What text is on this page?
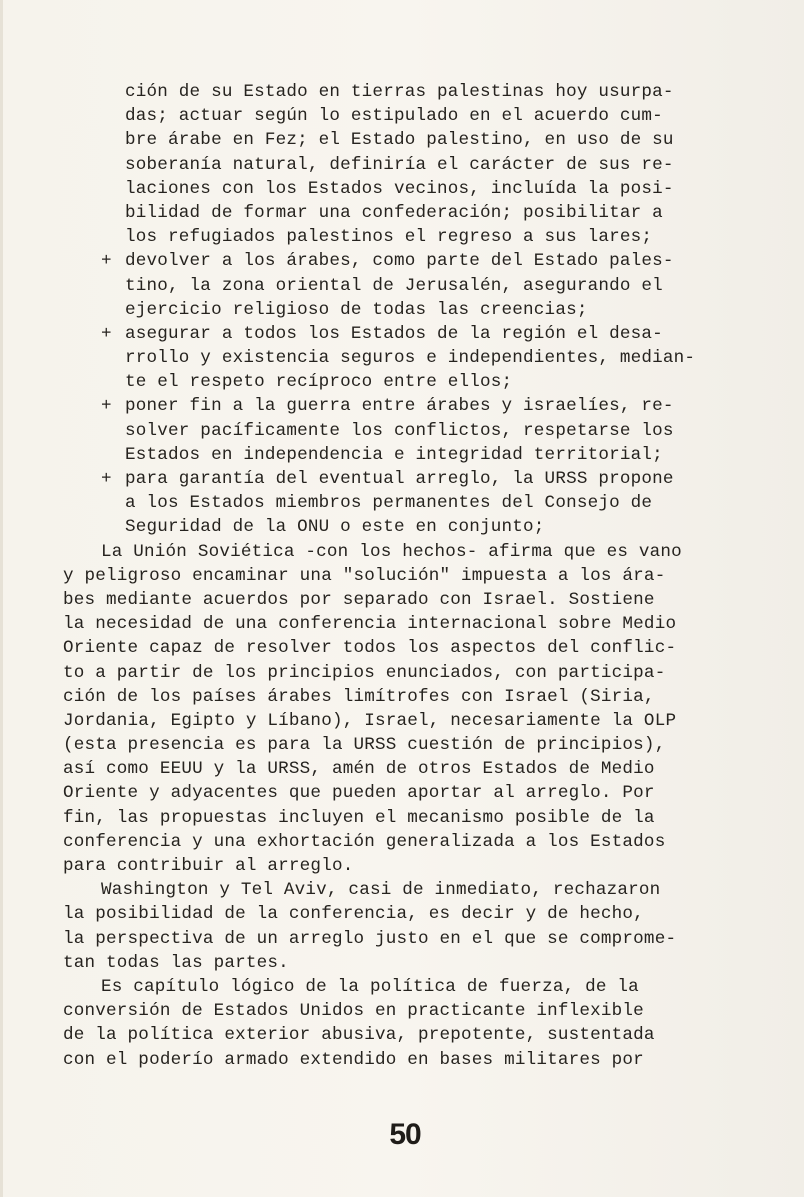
ción de su Estado en tierras palestinas hoy usurpa-
das; actuar según lo estipulado en el acuerdo cum-
bre árabe en Fez; el Estado palestino, en uso de su
soberanía natural, definiría el carácter de sus re-
laciones con los Estados vecinos, incluída la posi-
bilidad de formar una confederación; posibilitar a
los refugiados palestinos el regreso a sus lares;
+ devolver a los árabes, como parte del Estado pales-
tino, la zona oriental de Jerusalén, asegurando el
ejercicio religioso de todas las creencias;
+ asegurar a todos los Estados de la región el desa-
rrollo y existencia seguros e independientes, median-
te el respeto recíproco entre ellos;
+ poner fin a la guerra entre árabes y israelíes, re-
solver pacíficamente los conflictos, respetarse los
Estados en independencia e integridad territorial;
+ para garantía del eventual arreglo, la URSS propone
a los Estados miembros permanentes del Consejo de
Seguridad de la ONU o este en conjunto;
La Unión Soviética -con los hechos- afirma que es vano
y peligroso encaminar una "solución" impuesta a los ára-
bes mediante acuerdos por separado con Israel. Sostiene
la necesidad de una conferencia internacional sobre Medio
Oriente capaz de resolver todos los aspectos del conflic-
to a partir de los principios enunciados, con participa-
ción de los países árabes limítrofes con Israel (Siria,
Jordania, Egipto y Líbano), Israel, necesariamente la OLP
(esta presencia es para la URSS cuestión de principios),
así como EEUU y la URSS, amén de otros Estados de Medio
Oriente y adyacentes que pueden aportar al arreglo. Por
fin, las propuestas incluyen el mecanismo posible de la
conferencia y una exhortación generalizada a los Estados
para contribuir al arreglo.
Washington y Tel Aviv, casi de inmediato, rechazaron
la posibilidad de la conferencia, es decir y de hecho,
la perspectiva de un arreglo justo en el que se comprome-
tan todas las partes.
Es capítulo lógico de la política de fuerza, de la
conversión de Estados Unidos en practicante inflexible
de la política exterior abusiva, prepotente, sustentada
con el poderío armado extendido en bases militares por
50
